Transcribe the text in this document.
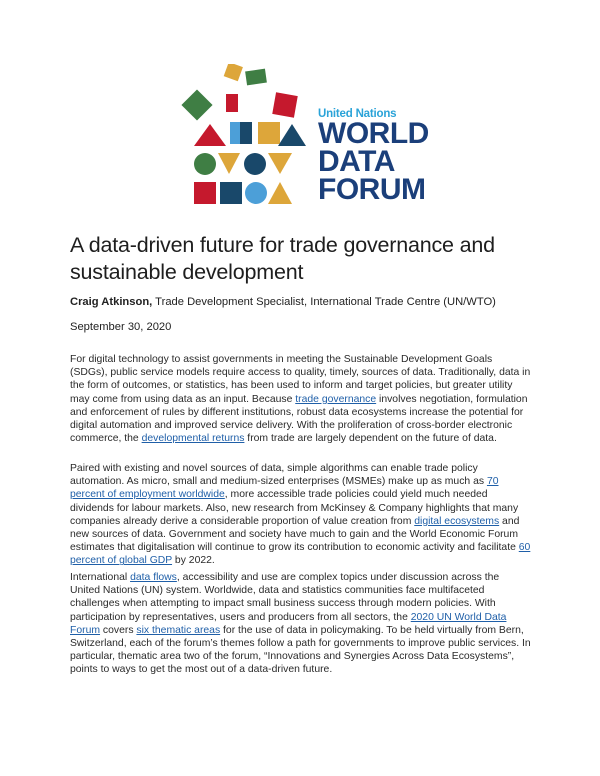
United Nations
WORLD
DATA
FORUM
A data-driven future for trade governance and sustainable development
Craig Atkinson, Trade Development Specialist, International Trade Centre (UN/WTO)
September 30, 2020

For digital technology to assist governments in meeting the Sustainable Development Goals (SDGs), public service models require access to quality, timely, sources of data. Traditionally, data in the form of outcomes, or statistics, has been used to inform and target policies, but greater utility may come from using data as an input. Because trade governance involves negotiation, formulation and enforcement of rules by different institutions, robust data ecosystems increase the potential for digital automation and improved service delivery. With the proliferation of cross-border electronic commerce, the developmental returns from trade are largely dependent on the future of data.

Paired with existing and novel sources of data, simple algorithms can enable trade policy automation. As micro, small and medium-sized enterprises (MSMEs) make up as much as 70 percent of employment worldwide, more accessible trade policies could yield much needed dividends for labour markets. Also, new research from McKinsey & Company highlights that many companies already derive a considerable proportion of value creation from digital ecosystems and new sources of data. Government and society have much to gain and the World Economic Forum estimates that digitalisation will continue to grow its contribution to economic activity and facilitate 60 percent of global GDP by 2022.

International data flows, accessibility and use are complex topics under discussion across the United Nations (UN) system. Worldwide, data and statistics communities face multifaceted challenges when attempting to impact small business success through modern policies. With participation by representatives, users and producers from all sectors, the 2020 UN World Data Forum covers six thematic areas for the use of data in policymaking. To be held virtually from Bern, Switzerland, each of the forum’s themes follow a path for governments to improve public services. In particular, thematic area two of the forum, “Innovations and Synergies Across Data Ecosystems”, points to ways to get the most out of a data-driven future.
